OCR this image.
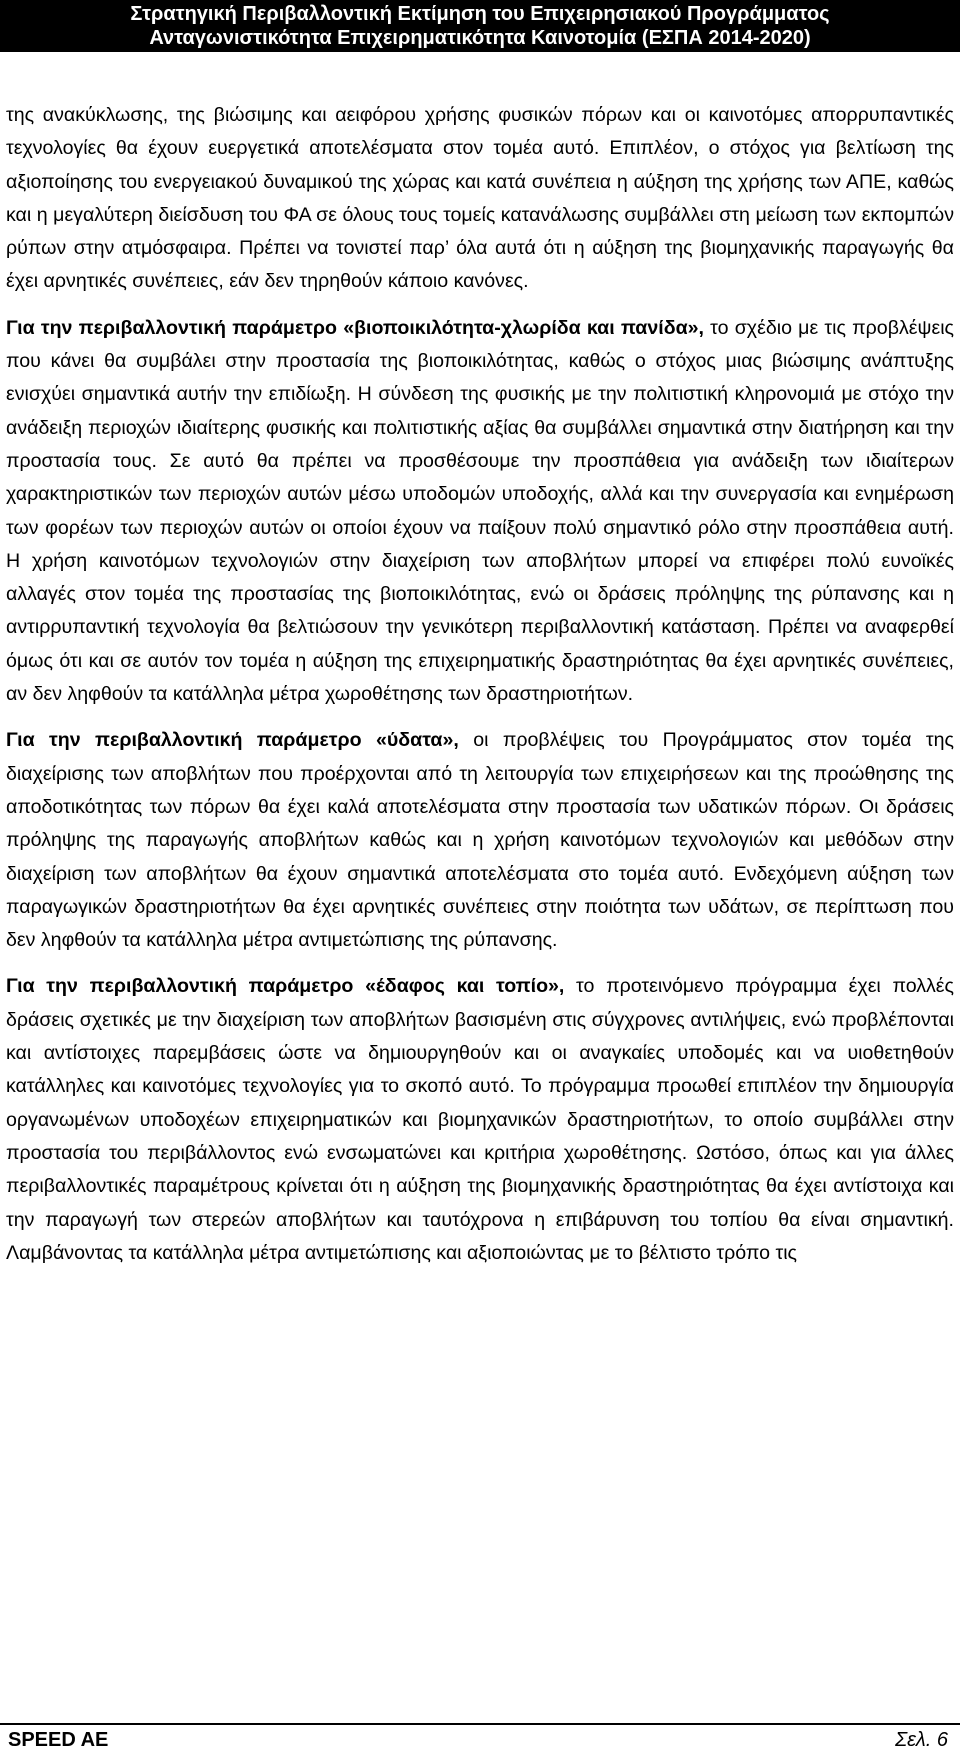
Στρατηγική Περιβαλλοντική Εκτίμηση του Επιχειρησιακού Προγράμματος
Ανταγωνιστικότητα Επιχειρηματικότητα Καινοτομία (ΕΣΠΑ 2014-2020)

της ανακύκλωσης, της βιώσιμης και αειφόρου χρήσης φυσικών πόρων και οι καινοτόμες απορρυπαντικές τεχνολογίες θα έχουν ευεργετικά αποτελέσματα στον τομέα αυτό. Επιπλέον, ο στόχος για βελτίωση της αξιοποίησης του ενεργειακού δυναμικού της χώρας και κατά συνέπεια η αύξηση της χρήσης των ΑΠΕ, καθώς και η μεγαλύτερη διείσδυση του ΦΑ σε όλους τους τομείς κατανάλωσης συμβάλλει στη μείωση των εκπομπών ρύπων στην ατμόσφαιρα. Πρέπει να τονιστεί παρ’ όλα αυτά ότι η αύξηση της βιομηχανικής παραγωγής θα έχει αρνητικές συνέπειες, εάν δεν τηρηθούν κάποιο κανόνες.

Για την περιβαλλοντική παράμετρο «βιοποικιλότητα-χλωρίδα και πανίδα», το σχέδιο με τις προβλέψεις που κάνει θα συμβάλει στην προστασία της βιοποικιλότητας, καθώς ο στόχος μιας βιώσιμης ανάπτυξης ενισχύει σημαντικά αυτήν την επιδίωξη. Η σύνδεση της φυσικής με την πολιτιστική κληρονομιά με στόχο την ανάδειξη περιοχών ιδιαίτερης φυσικής και πολιτιστικής αξίας θα συμβάλλει σημαντικά στην διατήρηση και την προστασία τους. Σε αυτό θα πρέπει να προσθέσουμε την προσπάθεια για ανάδειξη των ιδιαίτερων χαρακτηριστικών των περιοχών αυτών μέσω υποδομών υποδοχής, αλλά και την συνεργασία και ενημέρωση των φορέων των περιοχών αυτών οι οποίοι έχουν να παίξουν πολύ σημαντικό ρόλο στην προσπάθεια αυτή. Η χρήση καινοτόμων τεχνολογιών στην διαχείριση των αποβλήτων μπορεί να επιφέρει πολύ ευνοϊκές αλλαγές στον τομέα της προστασίας της βιοποικιλότητας, ενώ οι δράσεις πρόληψης της ρύπανσης και η αντιρρυπαντική τεχνολογία θα βελτιώσουν την γενικότερη περιβαλλοντική κατάσταση. Πρέπει να αναφερθεί όμως ότι και σε αυτόν τον τομέα η αύξηση της επιχειρηματικής δραστηριότητας θα έχει αρνητικές συνέπειες, αν δεν ληφθούν τα κατάλληλα μέτρα χωροθέτησης των δραστηριοτήτων.

Για την περιβαλλοντική παράμετρο «ύδατα», οι προβλέψεις του Προγράμματος στον τομέα της διαχείρισης των αποβλήτων που προέρχονται από τη λειτουργία των επιχειρήσεων και της προώθησης της αποδοτικότητας των πόρων θα έχει καλά αποτελέσματα στην προστασία των υδατικών πόρων. Οι δράσεις πρόληψης της παραγωγής αποβλήτων καθώς και η χρήση καινοτόμων τεχνολογιών και μεθόδων στην διαχείριση των αποβλήτων θα έχουν σημαντικά αποτελέσματα στο τομέα αυτό. Ενδεχόμενη αύξηση των παραγωγικών δραστηριοτήτων θα έχει αρνητικές συνέπειες στην ποιότητα των υδάτων, σε περίπτωση που δεν ληφθούν τα κατάλληλα μέτρα αντιμετώπισης της ρύπανσης.

Για την περιβαλλοντική παράμετρο «έδαφος και τοπίο», το προτεινόμενο πρόγραμμα έχει πολλές δράσεις σχετικές με την διαχείριση των αποβλήτων βασισμένη στις σύγχρονες αντιλήψεις, ενώ προβλέπονται και αντίστοιχες παρεμβάσεις ώστε να δημιουργηθούν και οι αναγκαίες υποδομές και να υιοθετηθούν κατάλληλες και καινοτόμες τεχνολογίες για το σκοπό αυτό. Το πρόγραμμα προωθεί επιπλέον την δημιουργία οργανωμένων υποδοχέων επιχειρηματικών και βιομηχανικών δραστηριοτήτων, το οποίο συμβάλλει στην προστασία του περιβάλλοντος ενώ ενσωματώνει και κριτήρια χωροθέτησης. Ωστόσο, όπως και για άλλες περιβαλλοντικές παραμέτρους κρίνεται ότι η αύξηση της βιομηχανικής δραστηριότητας θα έχει αντίστοιχα και την παραγωγή των στερεών αποβλήτων και ταυτόχρονα η επιβάρυνση του τοπίου θα είναι σημαντική. Λαμβάνοντας τα κατάλληλα μέτρα αντιμετώπισης και αξιοποιώντας με το βέλτιστο τρόπο τις

SPEED AE	Σελ. 6
